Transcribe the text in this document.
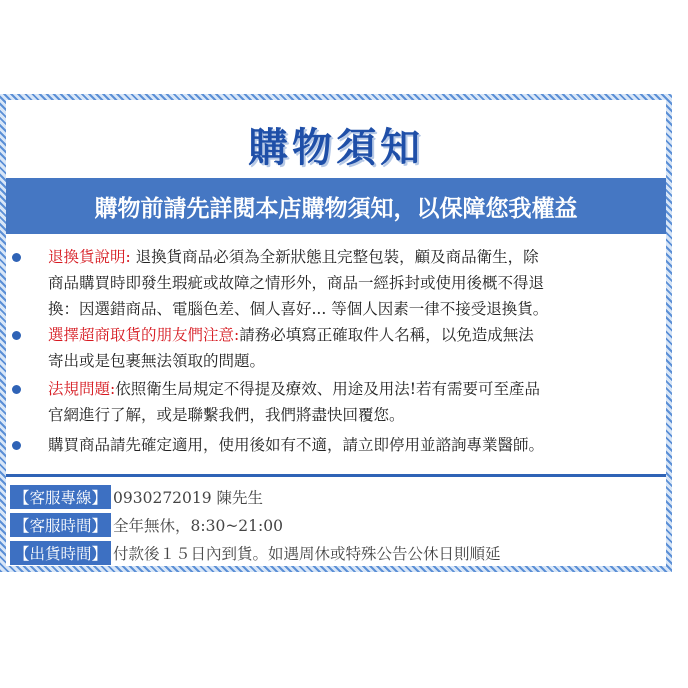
購物須知
購物前請先詳閱本店購物須知，以保障您我權益
退換貨說明: 退換貨商品必須為全新狀態且完整包裝，顧及商品衛生，除
商品購買時即發生瑕疵或故障之情形外，商品一經拆封或使用後概不得退
換：因選錯商品、電腦色差、個人喜好... 等個人因素一律不接受退換貨。
選擇超商取貨的朋友們注意:請務必填寫正確取件人名稱，以免造成無法
寄出或是包裹無法領取的問題。
法規問題:依照衛生局規定不得提及療效、用途及用法!若有需要可至產品
官網進行了解，或是聯繫我們，我們將盡快回覆您。
購買商品請先確定適用，使用後如有不適，請立即停用並諮詢專業醫師。
【客服專線】 0930272019 陳先生
【客服時間】 全年無休，8:30~21:00
【出貨時間】 付款後１５日內到貨。如遇周休或特殊公告公休日則順延
